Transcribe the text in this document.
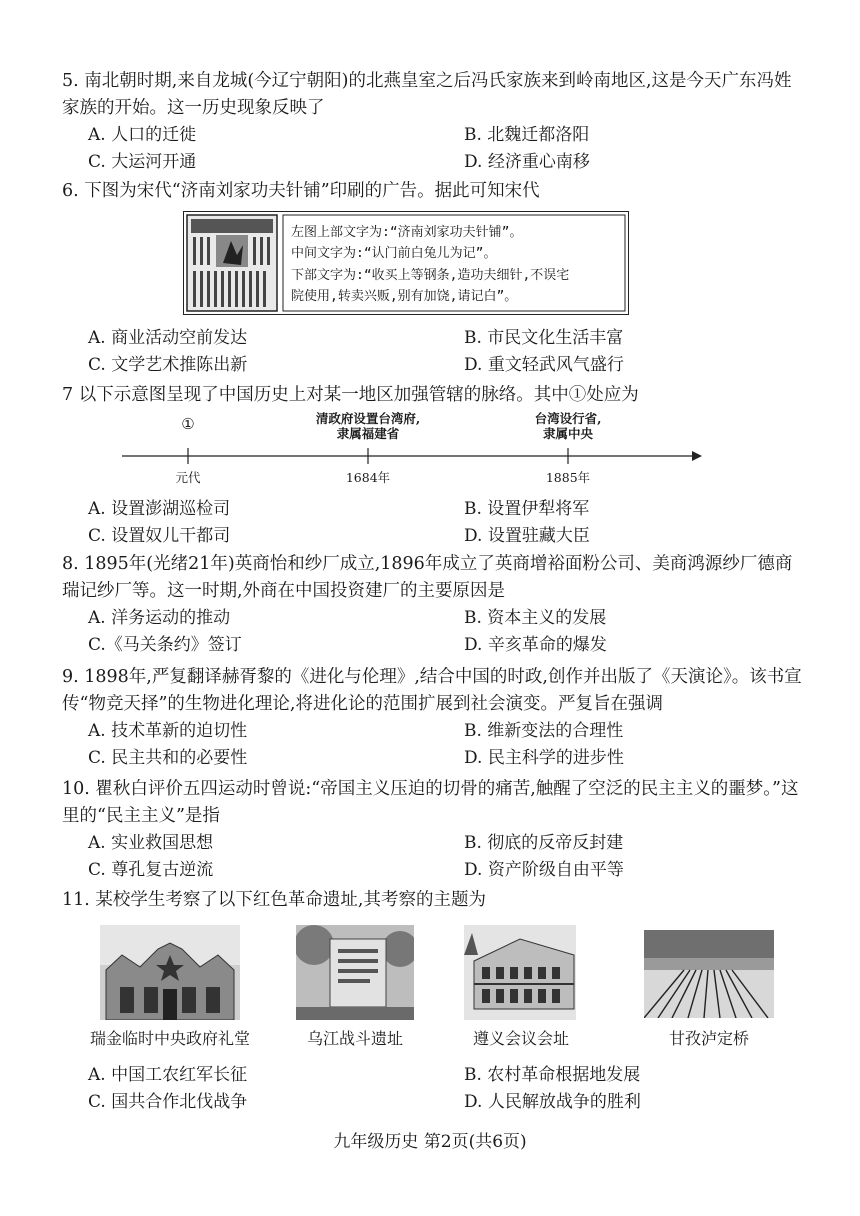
5. 南北朝时期,来自龙城(今辽宁朝阳)的北燕皇室之后冯氏家族来到岭南地区,这是今天广东冯姓家族的开始。这一历史现象反映了

A. 人口的迁徙	B. 北魏迁都洛阳
C. 大运河开通	D. 经济重心南移

6. 下图为宋代“济南刘家功夫针铺”印刷的广告。据此可知宋代

左图上部文字为:“济南刘家功夫针铺”。
中间文字为:“认门前白兔儿为记”。
下部文字为:“收买上等钢条,造功夫细针,不误宅
院使用,转卖兴贩,别有加饶,请记白”。
A. 商业活动空前发达	B. 市民文化生活丰富
C. 文学艺术推陈出新	D. 重文轻武风气盛行

7 以下示意图呈现了中国历史上对某一地区加强管辖的脉络。其中①处应为

①	清政府设置台湾府,
隶属福建省
台湾设行省,
隶属中央
元代	1684年	1885年
A. 设置澎湖巡检司	B. 设置伊犁将军
C. 设置奴儿干都司	D. 设置驻藏大臣

8. 1895年(光绪21年)英商怡和纱厂成立,1896年成立了英商增裕面粉公司、美商鸿源纱厂德商瑞记纱厂等。这一时期,外商在中国投资建厂的主要原因是

A. 洋务运动的推动	B. 资本主义的发展
C.《马关条约》签订	D. 辛亥革命的爆发

9. 1898年,严复翻译赫胥黎的《进化与伦理》,结合中国的时政,创作并出版了《天演论》。该书宣传“物竞天择”的生物进化理论,将进化论的范围扩展到社会演变。严复旨在强调

A. 技术革新的迫切性	B. 维新变法的合理性
C. 民主共和的必要性	D. 民主科学的进步性

10. 瞿秋白评价五四运动时曾说:“帝国主义压迫的切骨的痛苦,触醒了空泛的民主主义的噩梦。”这里的“民主主义”是指

A. 实业救国思想	B. 彻底的反帝反封建
C. 尊孔复古逆流	D. 资产阶级自由平等

11. 某校学生考察了以下红色革命遗址,其考察的主题为

瑞金临时中央政府礼堂	乌江战斗遗址	遵义会议会址	甘孜泸定桥
A. 中国工农红军长征	B. 农村革命根据地发展
C. 国共合作北伐战争	D. 人民解放战争的胜利
九年级历史 第2页(共6页)
